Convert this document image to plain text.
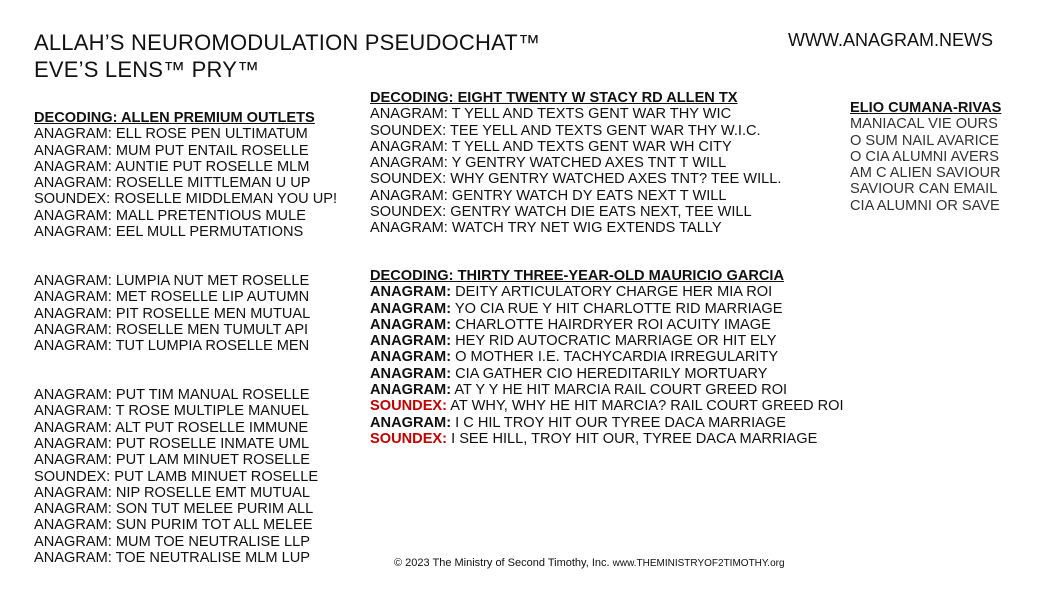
ALLAH’S NEUROMODULATION PSEUDOCHAT™
EVE’S LENS™ PRY™
WWW.ANAGRAM.NEWS
DECODING: ALLEN PREMIUM OUTLETS
ANAGRAM: ELL ROSE PEN ULTIMATUM
ANAGRAM: MUM PUT ENTAIL ROSELLE
ANAGRAM: AUNTIE PUT ROSELLE MLM
ANAGRAM: ROSELLE MITTLEMAN U UP
SOUNDEX: ROSELLE MIDDLEMAN YOU UP!
ANAGRAM: MALL PRETENTIOUS MULE
ANAGRAM: EEL MULL PERMUTATIONS
ANAGRAM: LUMPIA NUT MET ROSELLE
ANAGRAM: MET ROSELLE LIP AUTUMN
ANAGRAM: PIT ROSELLE MEN MUTUAL
ANAGRAM: ROSELLE MEN TUMULT API
ANAGRAM: TUT LUMPIA ROSELLE MEN
ANAGRAM: PUT TIM MANUAL ROSELLE
ANAGRAM: T ROSE MULTIPLE MANUEL
ANAGRAM: ALT PUT ROSELLE IMMUNE
ANAGRAM: PUT ROSELLE INMATE UML
ANAGRAM: PUT LAM MINUET ROSELLE
SOUNDEX: PUT LAMB MINUET ROSELLE
ANAGRAM: NIP ROSELLE EMT MUTUAL
ANAGRAM: SON TUT MELEE PURIM ALL
ANAGRAM: SUN PURIM TOT ALL MELEE
ANAGRAM: MUM TOE NEUTRALISE LLP
ANAGRAM: TOE NEUTRALISE MLM LUP
DECODING: EIGHT TWENTY W STACY RD ALLEN TX
ANAGRAM: T YELL AND TEXTS GENT WAR THY WIC
SOUNDEX: TEE YELL AND TEXTS GENT WAR THY W.I.C.
ANAGRAM: T YELL AND TEXTS GENT WAR WH CITY
ANAGRAM: Y GENTRY WATCHED AXES TNT T WILL
SOUNDEX: WHY GENTRY WATCHED AXES TNT? TEE WILL.
ANAGRAM: GENTRY WATCH DY EATS NEXT T WILL
SOUNDEX: GENTRY WATCH DIE EATS NEXT, TEE WILL
ANAGRAM: WATCH TRY NET WIG EXTENDS TALLY
DECODING: THIRTY THREE-YEAR-OLD MAURICIO GARCIA
ANAGRAM: DEITY ARTICULATORY CHARGE HER MIA ROI
ANAGRAM: YO CIA RUE Y HIT CHARLOTTE RID MARRIAGE
ANAGRAM: CHARLOTTE HAIRDRYER ROI ACUITY IMAGE
ANAGRAM: HEY RID AUTOCRATIC MARRIAGE OR HIT ELY
ANAGRAM: O MOTHER I.E. TACHYCARDIA IRREGULARITY
ANAGRAM: CIA GATHER CIO HEREDITARILY MORTUARY
ANAGRAM: AT Y Y HE HIT MARCIA RAIL COURT GREED ROI
SOUNDEX: AT WHY, WHY HE HIT MARCIA? RAIL COURT GREED ROI
ANAGRAM: I C HIL TROY HIT OUR TYREE DACA MARRIAGE
SOUNDEX: I SEE HILL, TROY HIT OUR, TYREE DACA MARRIAGE
ELIO CUMANA-RIVAS
MANIACAL VIE OURS
O SUM NAIL AVARICE
O CIA ALUMNI AVERS
AM C ALIEN SAVIOUR
SAVIOUR CAN EMAIL
CIA ALUMNI OR SAVE
© 2023 The Ministry of Second Timothy, Inc. www.THEMINISTRYOF2TIMOTHY.org
